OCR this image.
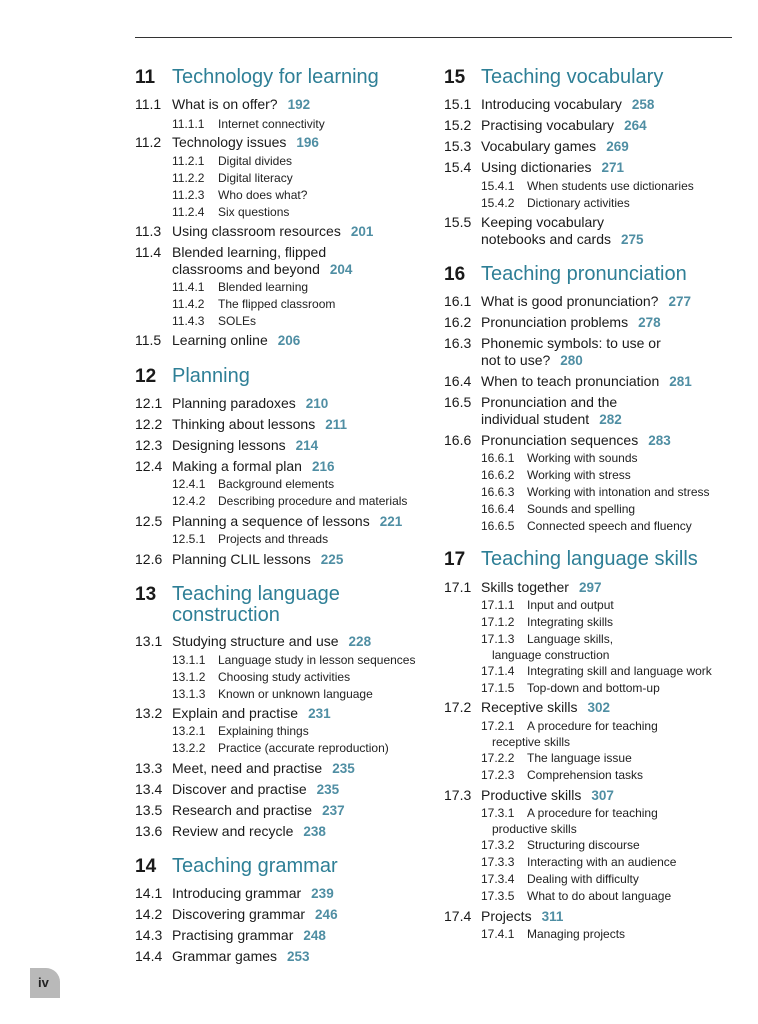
11 Technology for learning
11.1 What is on offer? 192
11.1.1 Internet connectivity
11.2 Technology issues 196
11.2.1 Digital divides
11.2.2 Digital literacy
11.2.3 Who does what?
11.2.4 Six questions
11.3 Using classroom resources 201
11.4 Blended learning, flipped
classrooms and beyond 204
11.4.1 Blended learning
11.4.2 The flipped classroom
11.4.3 SOLEs
11.5 Learning online 206
12 Planning
12.1 Planning paradoxes 210
12.2 Thinking about lessons 211
12.3 Designing lessons 214
12.4 Making a formal plan 216
12.4.1 Background elements
12.4.2 Describing procedure and materials
12.5 Planning a sequence of lessons 221
12.5.1 Projects and threads
12.6 Planning CLIL lessons 225
13 Teaching language
construction
13.1 Studying structure and use 228
13.1.1 Language study in lesson sequences
13.1.2 Choosing study activities
13.1.3 Known or unknown language
13.2 Explain and practise 231
13.2.1 Explaining things
13.2.2 Practice (accurate reproduction)
13.3 Meet, need and practise 235
13.4 Discover and practise 235
13.5 Research and practise 237
13.6 Review and recycle 238
14 Teaching grammar
14.1 Introducing grammar 239
14.2 Discovering grammar 246
14.3 Practising grammar 248
14.4 Grammar games 253
15 Teaching vocabulary
15.1 Introducing vocabulary 258
15.2 Practising vocabulary 264
15.3 Vocabulary games 269
15.4 Using dictionaries 271
15.4.1 When students use dictionaries
15.4.2 Dictionary activities
15.5 Keeping vocabulary
notebooks and cards 275
16 Teaching pronunciation
16.1 What is good pronunciation? 277
16.2 Pronunciation problems 278
16.3 Phonemic symbols: to use or
not to use? 280
16.4 When to teach pronunciation 281
16.5 Pronunciation and the
individual student 282
16.6 Pronunciation sequences 283
16.6.1 Working with sounds
16.6.2 Working with stress
16.6.3 Working with intonation and stress
16.6.4 Sounds and spelling
16.6.5 Connected speech and fluency
17 Teaching language skills
17.1 Skills together 297
17.1.1 Input and output
17.1.2 Integrating skills
17.1.3 Language skills,
language construction
17.1.4 Integrating skill and language work
17.1.5 Top-down and bottom-up
17.2 Receptive skills 302
17.2.1 A procedure for teaching
receptive skills
17.2.2 The language issue
17.2.3 Comprehension tasks
17.3 Productive skills 307
17.3.1 A procedure for teaching
productive skills
17.3.2 Structuring discourse
17.3.3 Interacting with an audience
17.3.4 Dealing with difficulty
17.3.5 What to do about language
17.4 Projects 311
17.4.1 Managing projects
iv
